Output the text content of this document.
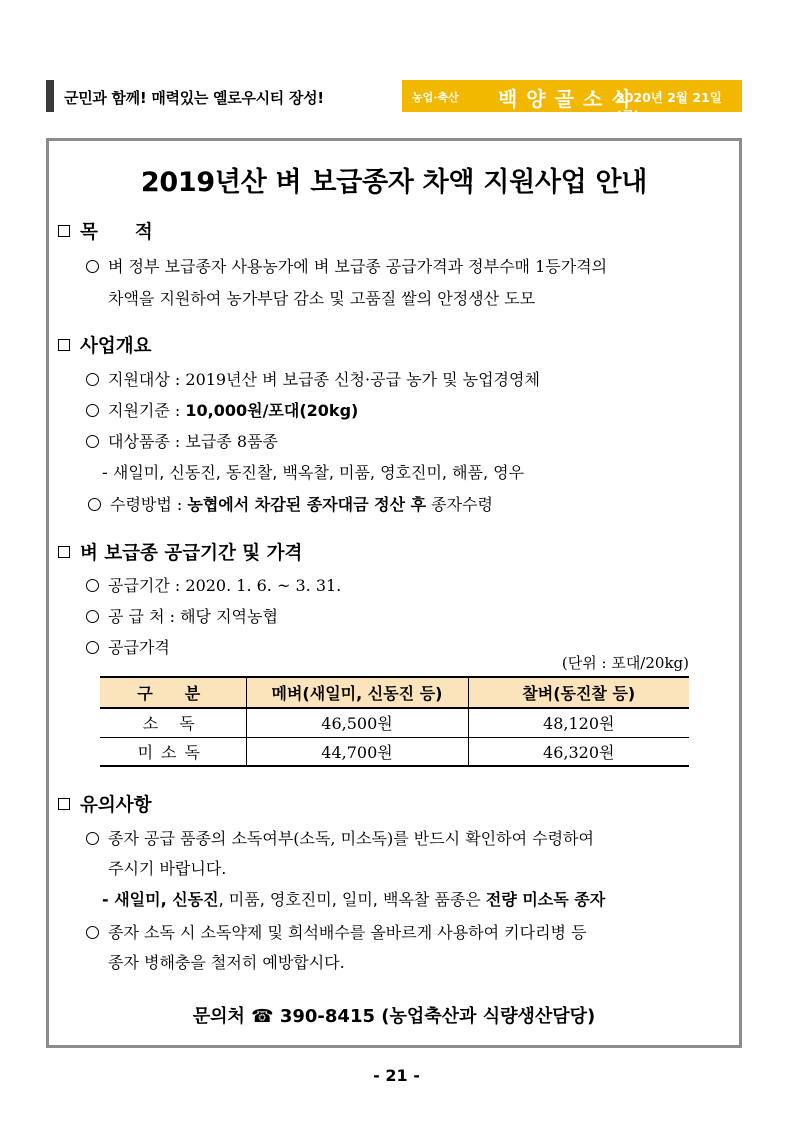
군민과 함께! 매력있는 옐로우시티 장성!	농업·축산 백 양 골 소 식
2020년 2월 21일(금)
2019년산 벼 보급종자 차액 지원사업 안내
목　　적
벼 정부 보급종자 사용농가에 벼 보급종 공급가격과 정부수매 1등가격의
차액을 지원하여 농가부담 감소 및 고품질 쌀의 안정생산 도모
사업개요
지원대상 : 2019년산 벼 보급종 신청·공급 농가 및 농업경영체
지원기준 : 10,000원/포대(20kg)
대상품종 : 보급종 8품종
- 새일미, 신동진, 동진찰, 백옥찰, 미품, 영호진미, 해품, 영우
수령방법 : 농협에서 차감된 종자대금 정산 후 종자수령
벼 보급종 공급기간 및 가격
공급기간 : 2020. 1. 6. ~ 3. 31.
공 급 처 : 해당 지역농협
공급가격
(단위 : 포대/20kg)
구　분	메벼(새일미, 신동진 등)	찰벼(동진찰 등)
소 독	46,500원	48,120원
미소독	44,700원	46,320원
유의사항
종자 공급 품종의 소독여부(소독, 미소독)를 반드시 확인하여 수령하여
주시기 바랍니다.
- 새일미, 신동진, 미품, 영호진미, 일미, 백옥찰 품종은 전량 미소독 종자
종자 소독 시 소독약제 및 희석배수를 올바르게 사용하여 키다리병 등
종자 병해충을 철저히 예방합시다.
문의처 ☎ 390-8415 (농업축산과 식량생산담당)
- 21 -
